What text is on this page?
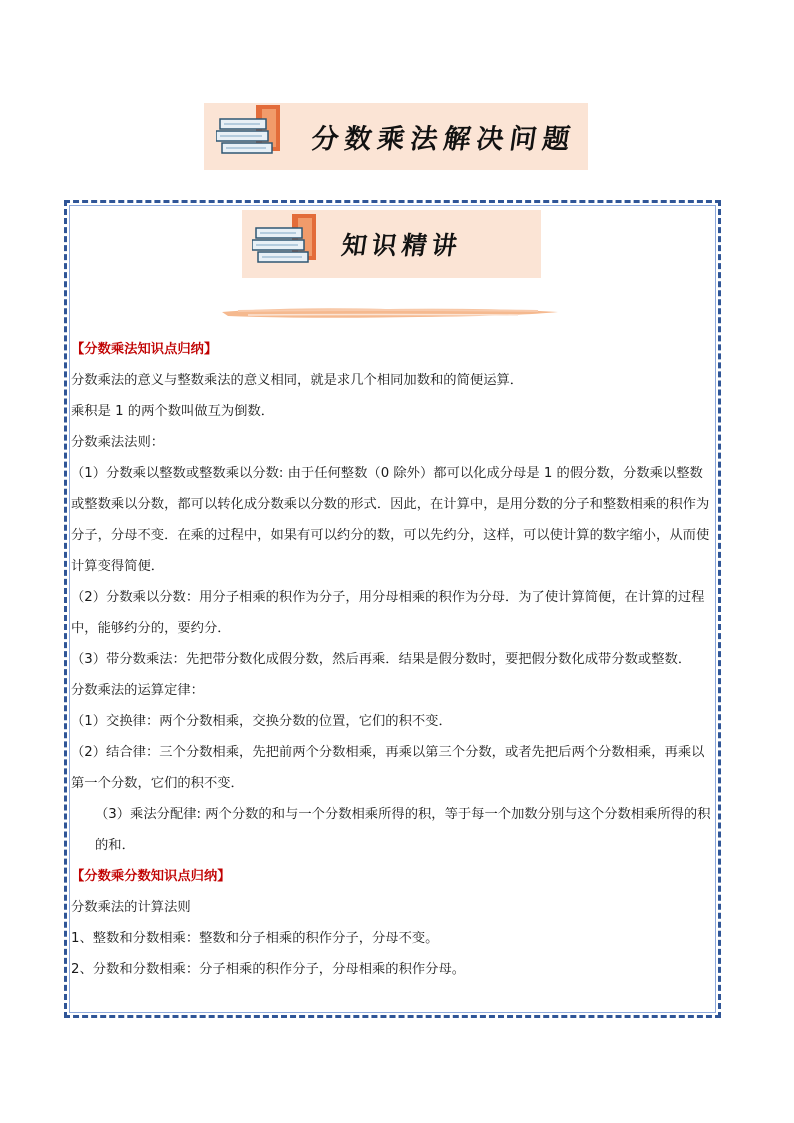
分数乘法解决问题
知识精讲

【分数乘法知识点归纳】

分数乘法的意义与整数乘法的意义相同，就是求几个相同加数和的简便运算．

乘积是 1 的两个数叫做互为倒数．

分数乘法法则：

（1）分数乘以整数或整数乘以分数: 由于任何整数（0 除外）都可以化成分母是 1 的假分数，分数乘以整数或整数乘以分数，都可以转化成分数乘以分数的形式．因此，在计算中，是用分数的分子和整数相乘的积作为分子，分母不变．在乘的过程中，如果有可以约分的数，可以先约分，这样，可以使计算的数字缩小，从而使计算变得简便．

（2）分数乘以分数：用分子相乘的积作为分子，用分母相乘的积作为分母．为了使计算简便，在计算的过程中，能够约分的，要约分．

（3）带分数乘法：先把带分数化成假分数，然后再乘．结果是假分数时，要把假分数化成带分数或整数．

分数乘法的运算定律：

（1）交换律：两个分数相乘，交换分数的位置，它们的积不变．

（2）结合律：三个分数相乘，先把前两个分数相乘，再乘以第三个分数，或者先把后两个分数相乘，再乘以第一个分数，它们的积不变．

（3）乘法分配律: 两个分数的和与一个分数相乘所得的积，等于每一个加数分别与这个分数相乘所得的积的和．

【分数乘分数知识点归纳】

分数乘法的计算法则

1、整数和分数相乘：整数和分子相乘的积作分子，分母不变。

2、分数和分数相乘：分子相乘的积作分子，分母相乘的积作分母。
